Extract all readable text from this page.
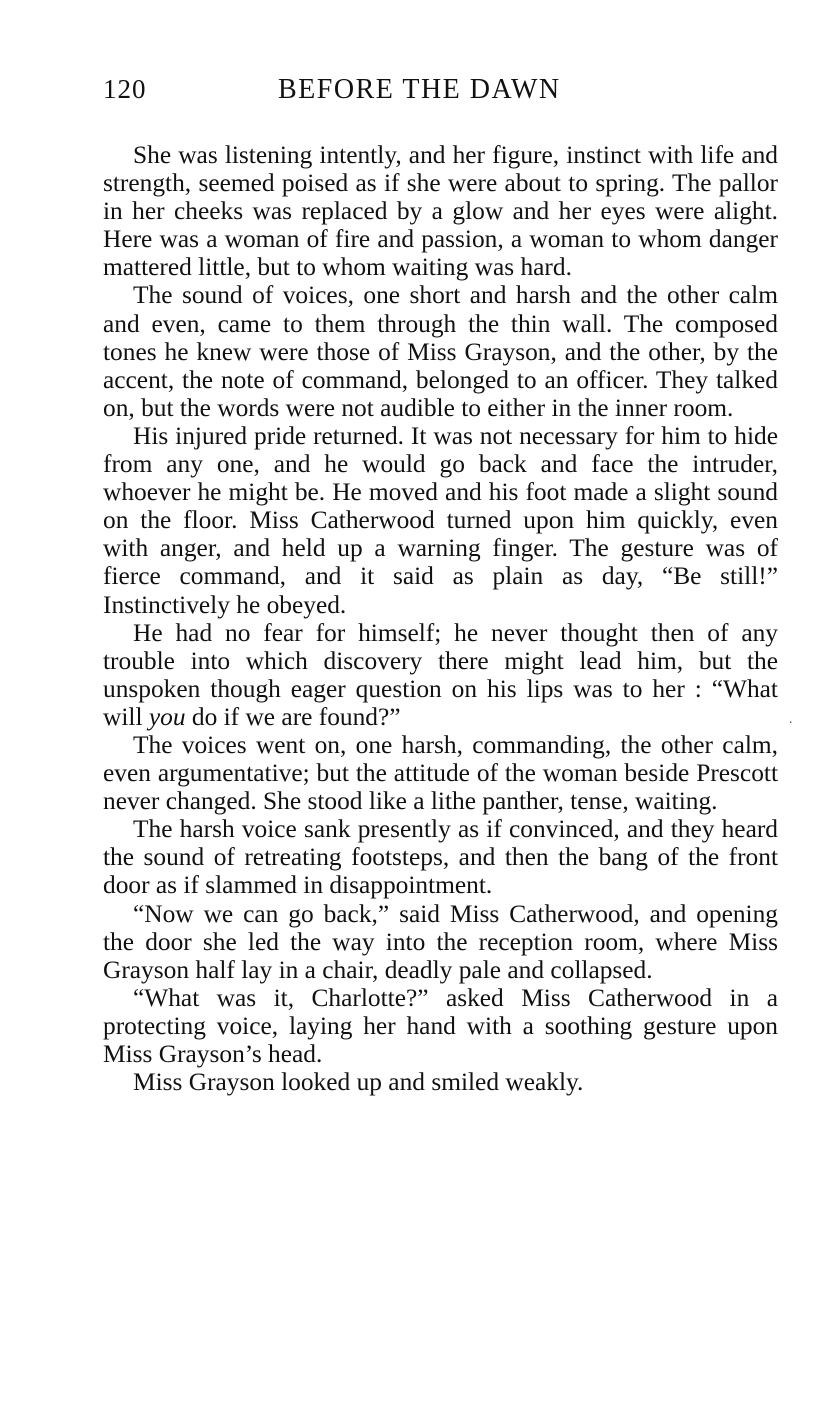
120	BEFORE THE DAWN

She was listening intently, and her figure, instinct with life and strength, seemed poised as if she were about to spring. The pallor in her cheeks was replaced by a glow and her eyes were alight. Here was a woman of fire and passion, a woman to whom danger mattered little, but to whom waiting was hard.

The sound of voices, one short and harsh and the other calm and even, came to them through the thin wall. The composed tones he knew were those of Miss Grayson, and the other, by the accent, the note of command, belonged to an officer. They talked on, but the words were not audible to either in the inner room.

His injured pride returned. It was not necessary for him to hide from any one, and he would go back and face the intruder, whoever he might be. He moved and his foot made a slight sound on the floor. Miss Catherwood turned upon him quickly, even with anger, and held up a warning finger. The gesture was of fierce command, and it said as plain as day, “Be still!” Instinctively he obeyed.

He had no fear for himself; he never thought then of any trouble into which discovery there might lead him, but the unspoken though eager question on his lips was to her : “What will you do if we are found?”

The voices went on, one harsh, commanding, the other calm, even argumentative; but the attitude of the woman beside Prescott never changed. She stood like a lithe panther, tense, waiting.

The harsh voice sank presently as if convinced, and they heard the sound of retreating footsteps, and then the bang of the front door as if slammed in disappointment.

“Now we can go back,” said Miss Catherwood, and opening the door she led the way into the reception room, where Miss Grayson half lay in a chair, deadly pale and collapsed.

“What was it, Charlotte?” asked Miss Catherwood in a protecting voice, laying her hand with a soothing gesture upon Miss Grayson’s head.

Miss Grayson looked up and smiled weakly.

.
